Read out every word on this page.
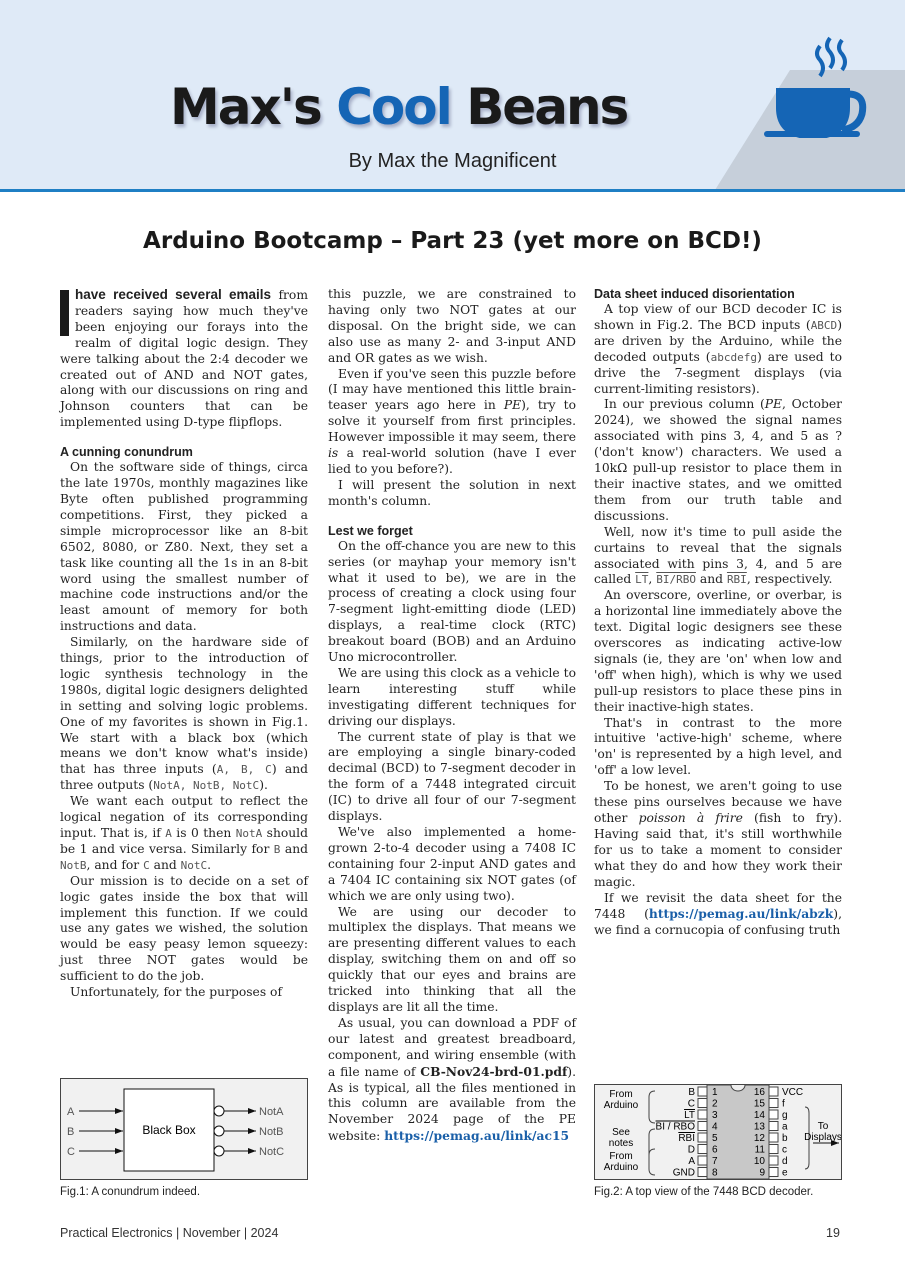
Max's Cool Beans
By Max the Magnificent
Arduino Bootcamp – Part 23 (yet more on BCD!)

have received several emails from readers saying how much they've been enjoying our forays into the realm of digital logic design. They were talking about the 2:4 decoder we created out of AND and NOT gates, along with our discussions on ring and Johnson counters that can be implemented using D-type flipflops.

A cunning conundrum

On the software side of things, circa the late 1970s, monthly magazines like Byte often published programming competitions. First, they picked a simple microprocessor like an 8-bit 6502, 8080, or Z80. Next, they set a task like counting all the 1s in an 8-bit word using the smallest number of machine code instructions and/or the least amount of memory for both instructions and data.

Similarly, on the hardware side of things, prior to the introduction of logic synthesis technology in the 1980s, digital logic designers delighted in setting and solving logic problems. One of my favorites is shown in Fig.1. We start with a black box (which means we don't know what's inside) that has three inputs (A, B, C) and three outputs (NotA, NotB, NotC).

We want each output to reflect the logical negation of its corresponding input. That is, if A is 0 then NotA should be 1 and vice versa. Similarly for B and NotB, and for C and NotC.

Our mission is to decide on a set of logic gates inside the box that will implement this function. If we could use any gates we wished, the solution would be easy peasy lemon squeezy: just three NOT gates would be sufficient to do the job.

Unfortunately, for the purposes of

this puzzle, we are constrained to having only two NOT gates at our disposal. On the bright side, we can also use as many 2- and 3-input AND and OR gates as we wish.

Even if you've seen this puzzle before (I may have mentioned this little brain-teaser years ago here in PE), try to solve it yourself from first principles. However impossible it may seem, there is a real-world solution (have I ever lied to you before?).

I will present the solution in next month's column.

Lest we forget

On the off-chance you are new to this series (or mayhap your memory isn't what it used to be), we are in the process of creating a clock using four 7-segment light-emitting diode (LED) displays, a real-time clock (RTC) breakout board (BOB) and an Arduino Uno microcontroller.

We are using this clock as a vehicle to learn interesting stuff while investigating different techniques for driving our displays.

The current state of play is that we are employing a single binary-coded decimal (BCD) to 7-segment decoder in the form of a 7448 integrated circuit (IC) to drive all four of our 7-segment displays.

We've also implemented a home-grown 2-to-4 decoder using a 7408 IC containing four 2-input AND gates and a 7404 IC containing six NOT gates (of which we are only using two).

We are using our decoder to multiplex the displays. That means we are presenting different values to each display, switching them on and off so quickly that our eyes and brains are tricked into thinking that all the displays are lit all the time.

As usual, you can download a PDF of our latest and greatest breadboard, component, and wiring ensemble (with a file name of CB-Nov24-brd-01.pdf). As is typical, all the files mentioned in this column are available from the November 2024 page of the PE website: https://pemag.au/link/ac15

Data sheet induced disorientation

A top view of our BCD decoder IC is shown in Fig.2. The BCD inputs (ABCD) are driven by the Arduino, while the decoded outputs (abcdefg) are used to drive the 7-segment displays (via current-limiting resistors).

In our previous column (PE, October 2024), we showed the signal names associated with pins 3, 4, and 5 as ? ('don't know') characters. We used a 10kΩ pull-up resistor to place them in their inactive states, and we omitted them from our truth table and discussions.

Well, now it's time to pull aside the curtains to reveal that the signals associated with pins 3, 4, and 5 are called $\overline{LT}$, BI/RBO and $\overline{RBI}$, respectively.

An overscore, overline, or overbar, is a horizontal line immediately above the text. Digital logic designers see these overscores as indicating active-low signals (ie, they are 'on' when low and 'off' when high), which is why we used pull-up resistors to place these pins in their inactive-high states.

That's in contrast to the more intuitive 'active-high' scheme, where 'on' is represented by a high level, and 'off' a low level.

To be honest, we aren't going to use these pins ourselves because we have other poisson à frire (fish to fry). Having said that, it's still worthwhile for us to take a moment to consider what they do and how they work their magic.

If we revisit the data sheet for the 7448 (https://pemag.au/link/abzk), we find a cornucopia of confusing truth

Black Box
A	NotA
B	NotB
C	NotC
Fig.1: A conundrum indeed.
1
B
2
C
3
LT
4
BI / RBO
5
RBI
6
D
7
A
8
GND
16 VCC
15 f
14 g
13 a
12 b
11 c
10 d
9 e
From
Arduino
See
notes
From
Arduino
To
Displays
Fig.2: A top view of the 7448 BCD decoder.
Practical Electronics | November | 2024	19
